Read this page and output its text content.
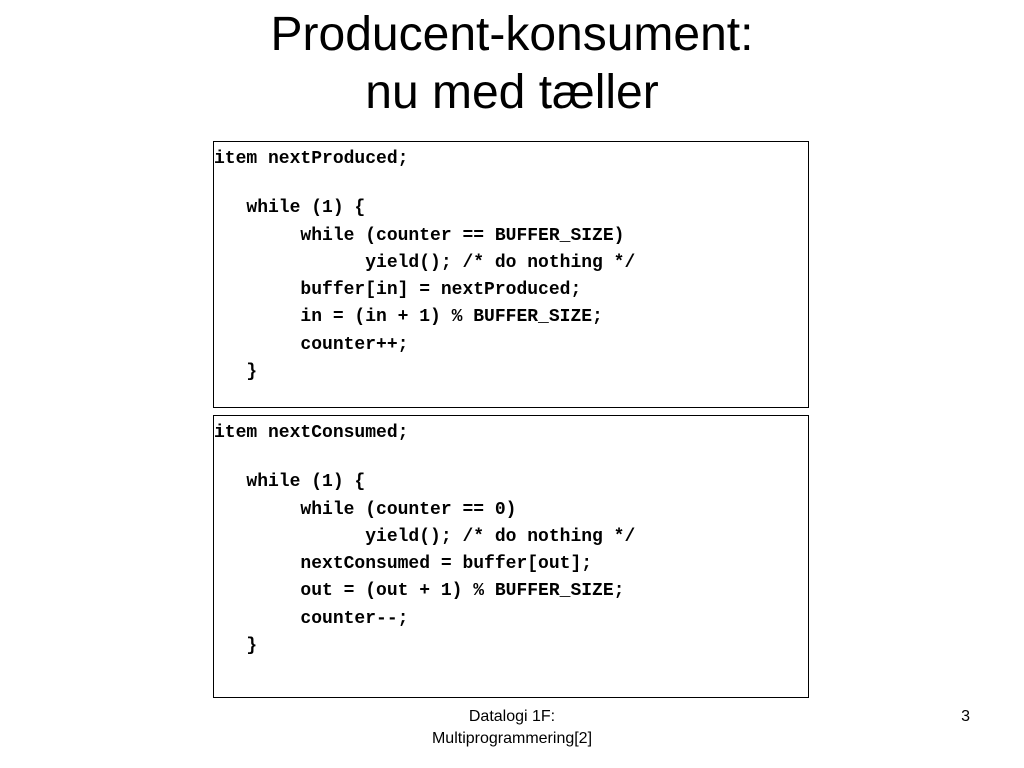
Producent-konsument:
nu med tæller
item nextProduced;
while (1) {
while (counter == BUFFER_SIZE)
yield(); /* do nothing */
buffer[in] = nextProduced;
in = (in + 1) % BUFFER_SIZE;
counter++;
}
item nextConsumed;
while (1) {
while (counter == 0)
yield(); /* do nothing */
nextConsumed = buffer[out];
out = (out + 1) % BUFFER_SIZE;
counter--;
}
Datalogi 1F:
Multiprogrammering[2]
3
